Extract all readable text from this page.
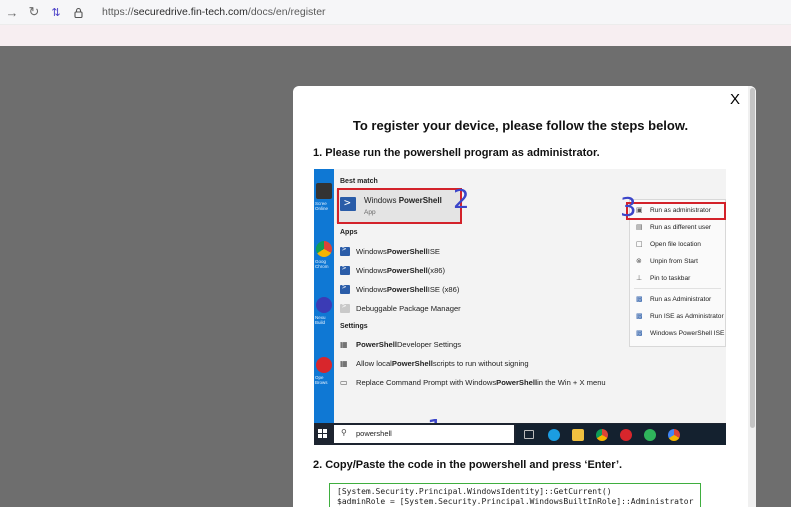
→ ↻	⇅	https:// securedrive.fin-tech.com /docs/en/register
X
To register your device, please follow the steps below.
1. Please run the powershell program as administrator.
Scree
Online
Goog
Chrom
Nexu
Build
Ope
Brows
Best match
>
Windows PowerShell
App
Apps
>
Windows PowerShell ISE
>
Windows PowerShell (x86)
>
Windows PowerShell ISE (x86)
>
Debuggable Package Manager
Settings
▦ PowerShell Developer Settings
▦ Allow local PowerShell scripts to run without signing
▭ Replace Command Prompt with Windows PowerShell in the Win + X menu
▣ Run as administrator
▤ Run as different user
□ Open file location
⊗	Unpin from Start
⊥ Pin to taskbar
▩ Run as Administrator
▩ Run ISE as Administrator
▩ Windows PowerShell ISE
2	3
⚲ powershell
2. Copy/Paste the code in the powershell and press ‘Enter’.
[System.Security.Principal.WindowsIdentity]::GetCurrent()
$adminRole = [System.Security.Principal.WindowsBuiltInRole]::Administrator
